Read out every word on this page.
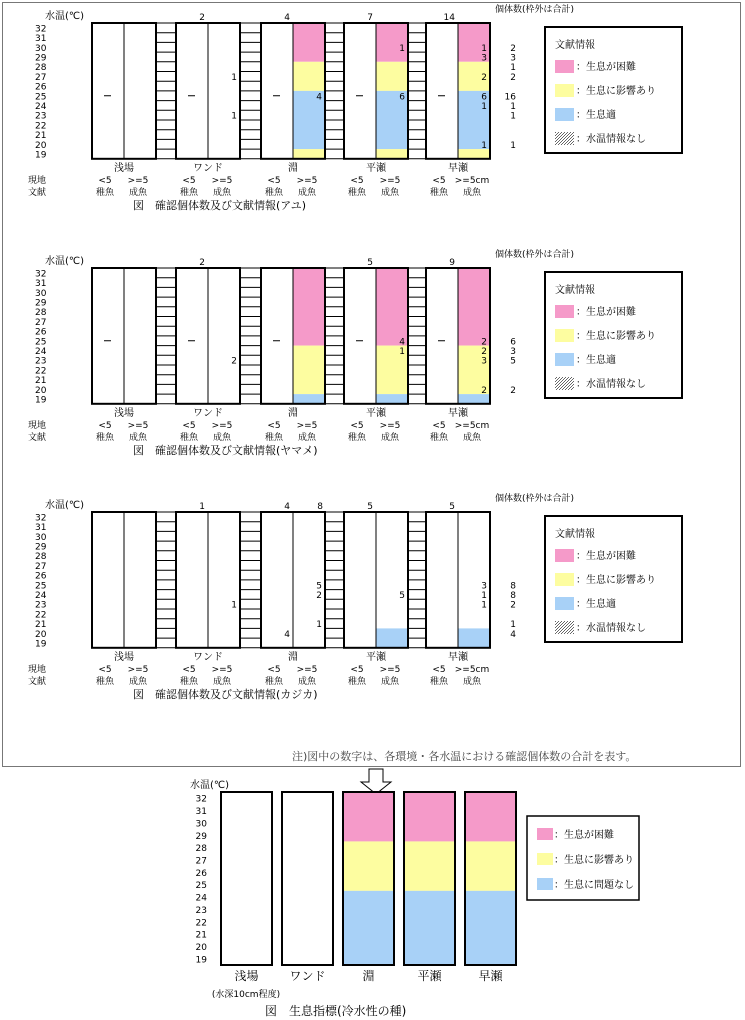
水温(℃)
32
31
30
29
28
27
26
25
24
23
22
21
20
19
個体数(枠外は合計)
浅場
<5 >=5
稚魚 成魚
ワンド
<5 >=5
稚魚 成魚
淵
<5 >=5
稚魚 成魚
平瀬
<5 >=5
稚魚 成魚
早瀬
<5 >=5cm
稚魚 成魚
現地
文献
2	4	7	14
1
1
4
1
6
1
3
2
6
1
1
2
3
1
2
16
1
1
1
文献情報
：生息が困難
：生息に影響あり
：生息適
：水温情報なし
図　確認個体数及び文献情報(アユ)
水温(℃)
32
31
30
29
28
27
26
25
24
23
22
21
20
19
個体数(枠外は合計)
浅場
<5 >=5
稚魚 成魚
ワンド
<5 >=5
稚魚 成魚
淵
<5 >=5
稚魚 成魚
平瀬
<5 >=5
稚魚 成魚
早瀬
<5 >=5cm
稚魚 成魚
現地
文献
2	5	9
2
4
1
2
2
3
2
6
3
5
2
文献情報
：生息が困難
：生息に影響あり
：生息適
：水温情報なし
図　確認個体数及び文献情報(ヤマメ)
水温(℃)
32
31
30
29
28
27
26
25
24
23
22
21
20
19
個体数(枠外は合計)
浅場
<5 >=5
稚魚 成魚
ワンド
<5 >=5
稚魚 成魚
淵
<5 >=5
稚魚 成魚
平瀬
<5 >=5
稚魚 成魚
早瀬
<5 >=5cm
稚魚 成魚
現地
文献
1	4	8	5	5
1
4
5
2
1
5
3
1
1
8
8
2
1
4
文献情報
：生息が困難
：生息に影響あり
：生息適
：水温情報なし
図　確認個体数及び文献情報(カジカ)
注)図中の数字は、各環境・各水温における確認個体数の合計を表す。
水温(℃)
32
31
30
29
28
27
26
25
24
23
22
21
20
19
浅場	ワンド	淵	平瀬	早瀬
(水深10cm程度)
図　生息指標(冷水性の種)
：生息が困難
：生息に影響あり
：生息に問題なし
